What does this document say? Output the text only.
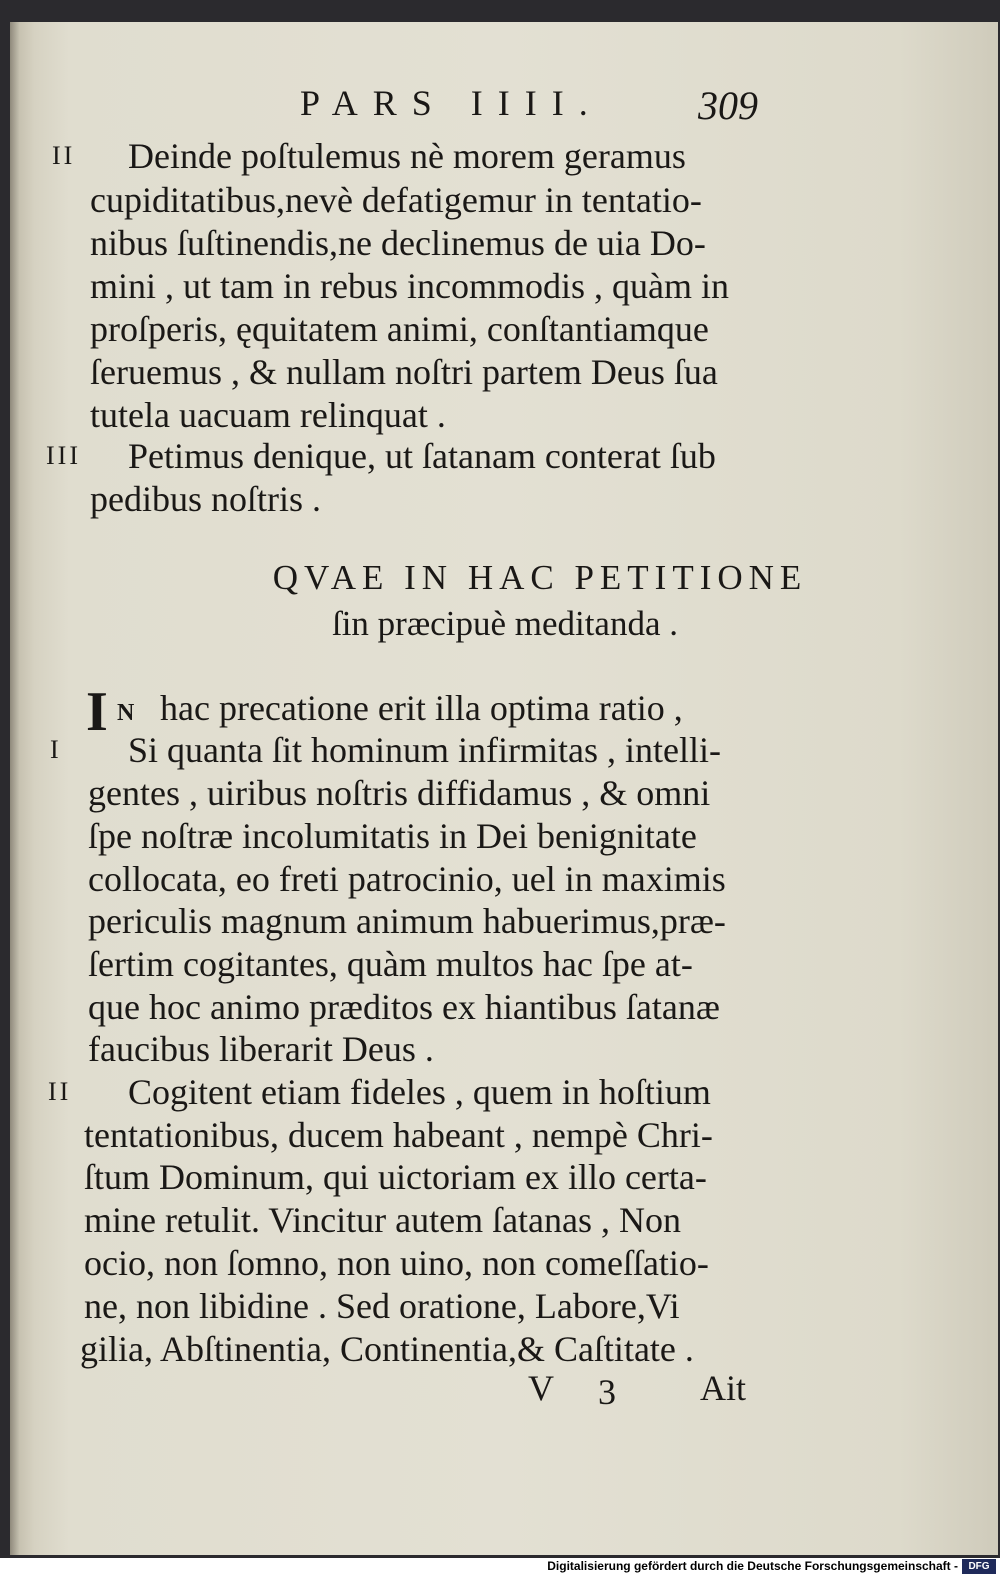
PARS IIII. 309
II Deinde poſtulemus nè morem geramus
cupiditatibus,nevè defatigemur in tentatio-
nibus ſuſtinendis,ne declinemus de uia Do-
mini , ut tam in rebus incommodis , quàm in
proſperis, ęquitatem animi, conſtantiamque
ſeruemus , & nullam noſtri partem Deus ſua
tutela uacuam relinquat .
III Petimus denique, ut ſatanam conterat ſub
pedibus noſtris .
QVAE IN HAC PETITIONE
ſin præcipuè meditanda .
I N hac precatione erit illa optima ratio ,
I Si quanta ſit hominum infirmitas , intelli-
gentes , uiribus noſtris diffidamus , & omni
ſpe noſtræ incolumitatis in Dei benignitate
collocata, eo freti patrocinio, uel in maximis
periculis magnum animum habuerimus,præ-
ſertim cogitantes, quàm multos hac ſpe at-
que hoc animo præditos ex hiantibus ſatanæ
faucibus liberarit Deus .
II Cogitent etiam fideles , quem in hoſtium
tentationibus, ducem habeant , nempè Chri-
ſtum Dominum, qui uictoriam ex illo certa-
mine retulit. Vincitur autem ſatanas , Non
ocio, non ſomno, non uino, non comeſſatio-
ne, non libidine . Sed oratione, Labore,Vi
gilia, Abſtinentia, Continentia,& Caſtitate .
V 3 Ait
Digitalisierung gefördert durch die Deutsche Forschungsgemeinschaft -	DFG
